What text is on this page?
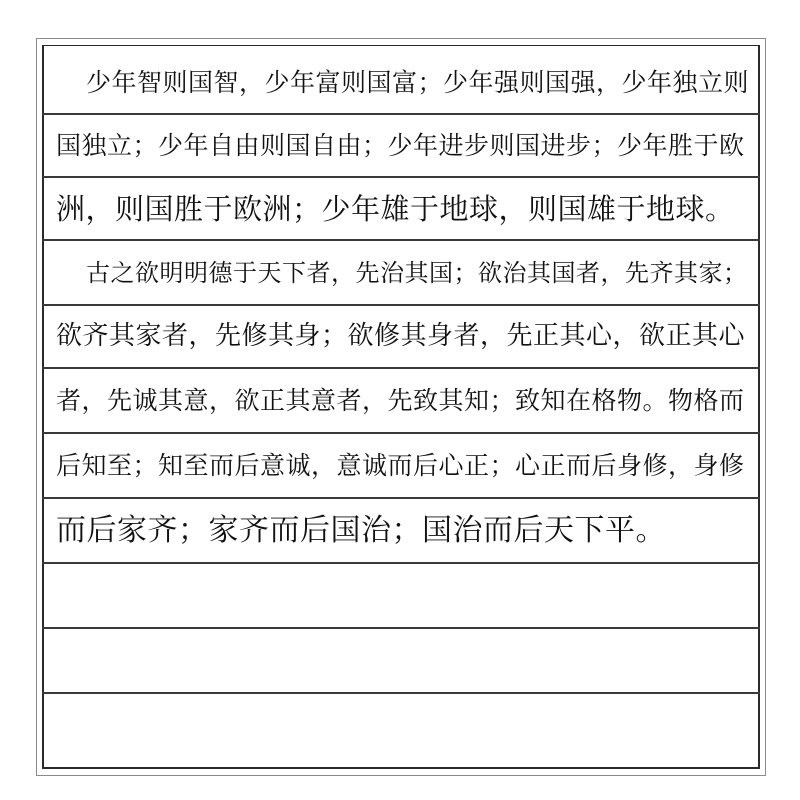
少年智则国智，少年富则国富；少年强则国强，少年独立则
国独立；少年自由则国自由；少年进步则国进步；少年胜于欧
洲，则国胜于欧洲；少年雄于地球，则国雄于地球。
古之欲明明德于天下者，先治其国；欲治其国者，先齐其家；
欲齐其家者，先修其身；欲修其身者，先正其心，欲正其心
者，先诚其意，欲正其意者，先致其知；致知在格物。物格而
后知至；知至而后意诚，意诚而后心正；心正而后身修，身修
而后家齐；家齐而后国治；国治而后天下平。
